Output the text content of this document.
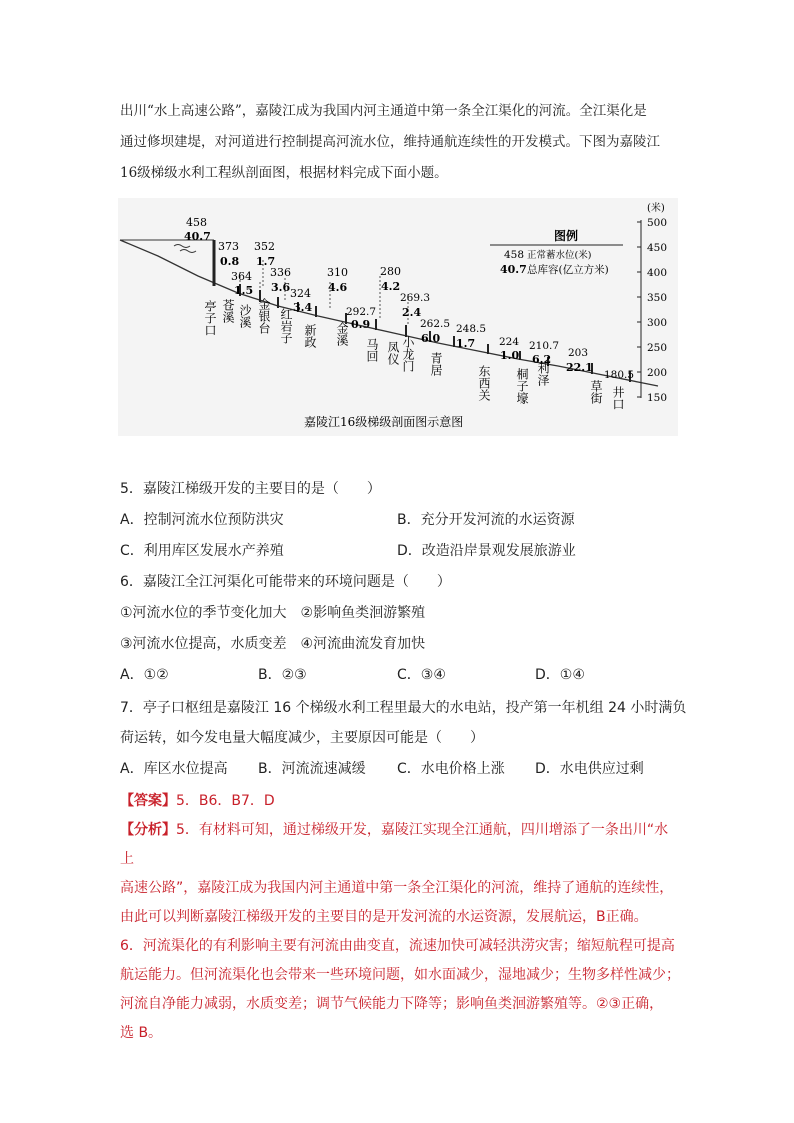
出川“水上高速公路”，嘉陵江成为我国内河主通道中第一条全江渠化的河流。全江渠化是

通过修坝建堤，对河道进行控制提高河流水位，维持通航连续性的开发模式。下图为嘉陵江

16级梯级水利工程纵剖面图，根据材料完成下面小题。

(米)
500
450
400
350
300
250
200
150
图例
458 正常蓄水位(米)
40.7 总库容(亿立方米)
458
40.7
373
0.8
364
1.5
352
1.7
336
3.6 324
3.4
310
4.6
292.7
0.9
280
4.2
269.3
2.4
262.5
6.0
248.5
1.7 224
1.0
210.7
6.2 203
22.1
180.5
亭子口 苍溪 沙溪 金银台 红岩子 新政 金溪
马回 凤仪 小龙门 青居
东西关 桐子壕 利泽
草街 井口
嘉陵江16级梯级剖面图示意图
5．嘉陵江梯级开发的主要目的是（　　）
A．控制河流水位预防洪灾	B．充分开发河流的水运资源
C．利用库区发展水产养殖	D．改造沿岸景观发展旅游业
6．嘉陵江全江河渠化可能带来的环境问题是（　　）
①河流水位的季节变化加大　②影响鱼类洄游繁殖
③河流水位提高，水质变差　④河流曲流发育加快
A．①②	B．②③	C．③④	D．①④
7．亭子口枢纽是嘉陵江 16 个梯级水利工程里最大的水电站，投产第一年机组 24 小时满负
荷运转，如今发电量大幅度减少，主要原因可能是（　　）
A．库区水位提高 B．河流流速减缓 C．水电价格上涨 D．水电供应过剩
【答案】5．B6．B7．D

【分析】5．有材料可知，通过梯级开发，嘉陵江实现全江通航，四川增添了一条出川“水上

高速公路”，嘉陵江成为我国内河主通道中第一条全江渠化的河流，维持了通航的连续性，

由此可以判断嘉陵江梯级开发的主要目的是开发河流的水运资源，发展航运，B正确。

6．河流渠化的有利影响主要有河流由曲变直，流速加快可减轻洪涝灾害；缩短航程可提高

航运能力。但河流渠化也会带来一些环境问题，如水面减少，湿地减少；生物多样性减少；

河流自净能力减弱，水质变差；调节气候能力下降等；影响鱼类洄游繁殖等。②③正确，

选 B。
